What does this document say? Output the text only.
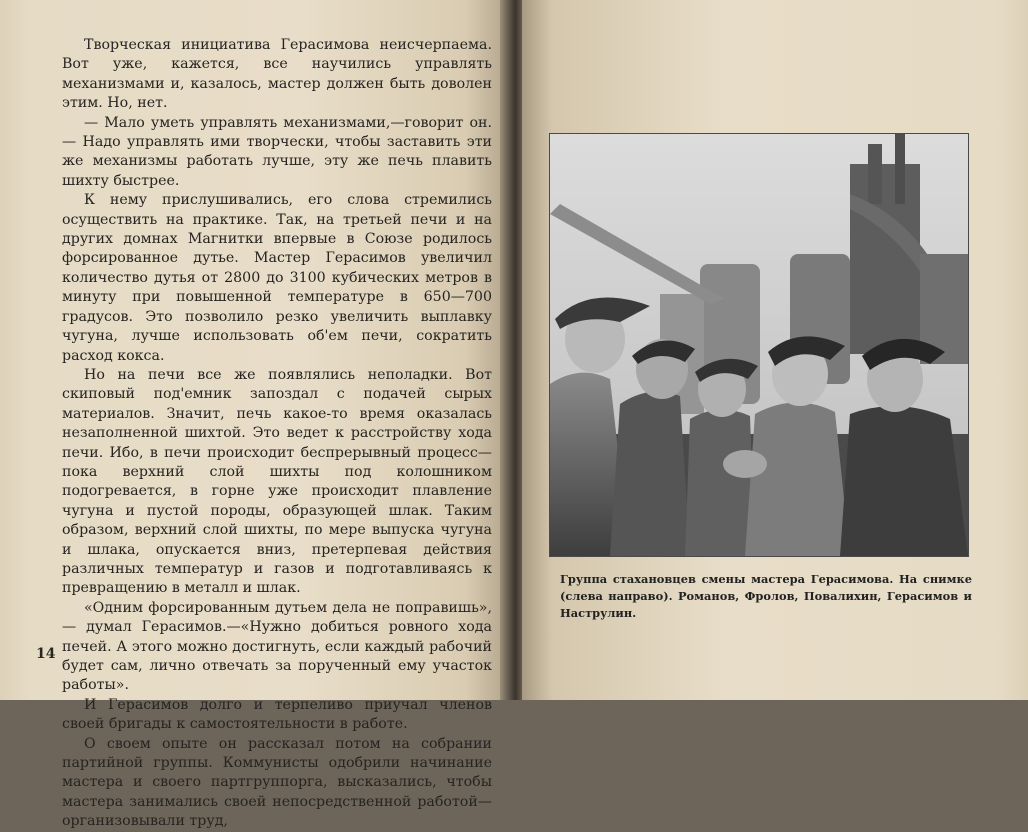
Творческая инициатива Герасимова неисчерпаема. Вот уже, кажется, все научились управлять механизмами и, казалось, мастер должен быть доволен этим. Но, нет.

— Мало уметь управлять механизмами,—говорит он.— Надо управлять ими творчески, чтобы заставить эти же механизмы работать лучше, эту же печь плавить шихту быстрее.

К нему прислушивались, его слова стремились осуществить на практике. Так, на третьей печи и на других домнах Магнитки впервые в Союзе родилось форсированное дутье. Мастер Герасимов увеличил количество дутья от 2800 до 3100 кубических метров в минуту при повышенной температуре в 650—700 градусов. Это позволило резко увеличить выплавку чугуна, лучше использовать об'ем печи, сократить расход кокса.

Но на печи все же появлялись неполадки. Вот скиповый под'емник запоздал с подачей сырых материалов. Значит, печь какое-то время оказалась незаполненной шихтой. Это ведет к расстройству хода печи. Ибо, в печи происходит беспрерывный процесс—пока верхний слой шихты под колошником подогревается, в горне уже происходит плавление чугуна и пустой породы, образующей шлак. Таким образом, верхний слой шихты, по мере выпуска чугуна и шлака, опускается вниз, претерпевая действия различных температур и газов и подготавливаясь к превращению в металл и шлак.

«Одним форсированным дутьем дела не поправишь»,— думал Герасимов.—«Нужно добиться ровного хода печей. А этого можно достигнуть, если каждый рабочий будет сам, лично отвечать за порученный ему участок работы».

И Герасимов долго и терпеливо приучал членов своей бригады к самостоятельности в работе.

О своем опыте он рассказал потом на собрании партийной группы. Коммунисты одобрили начинание мастера и своего партгруппорга, высказались, чтобы мастера занимались своей непосредственной работой—организовывали труд,

14
Группа стахановцев смены мастера Герасимова. На снимке (слева направо). Романов, Фролов, Повалихин, Герасимов и Наструлин.
